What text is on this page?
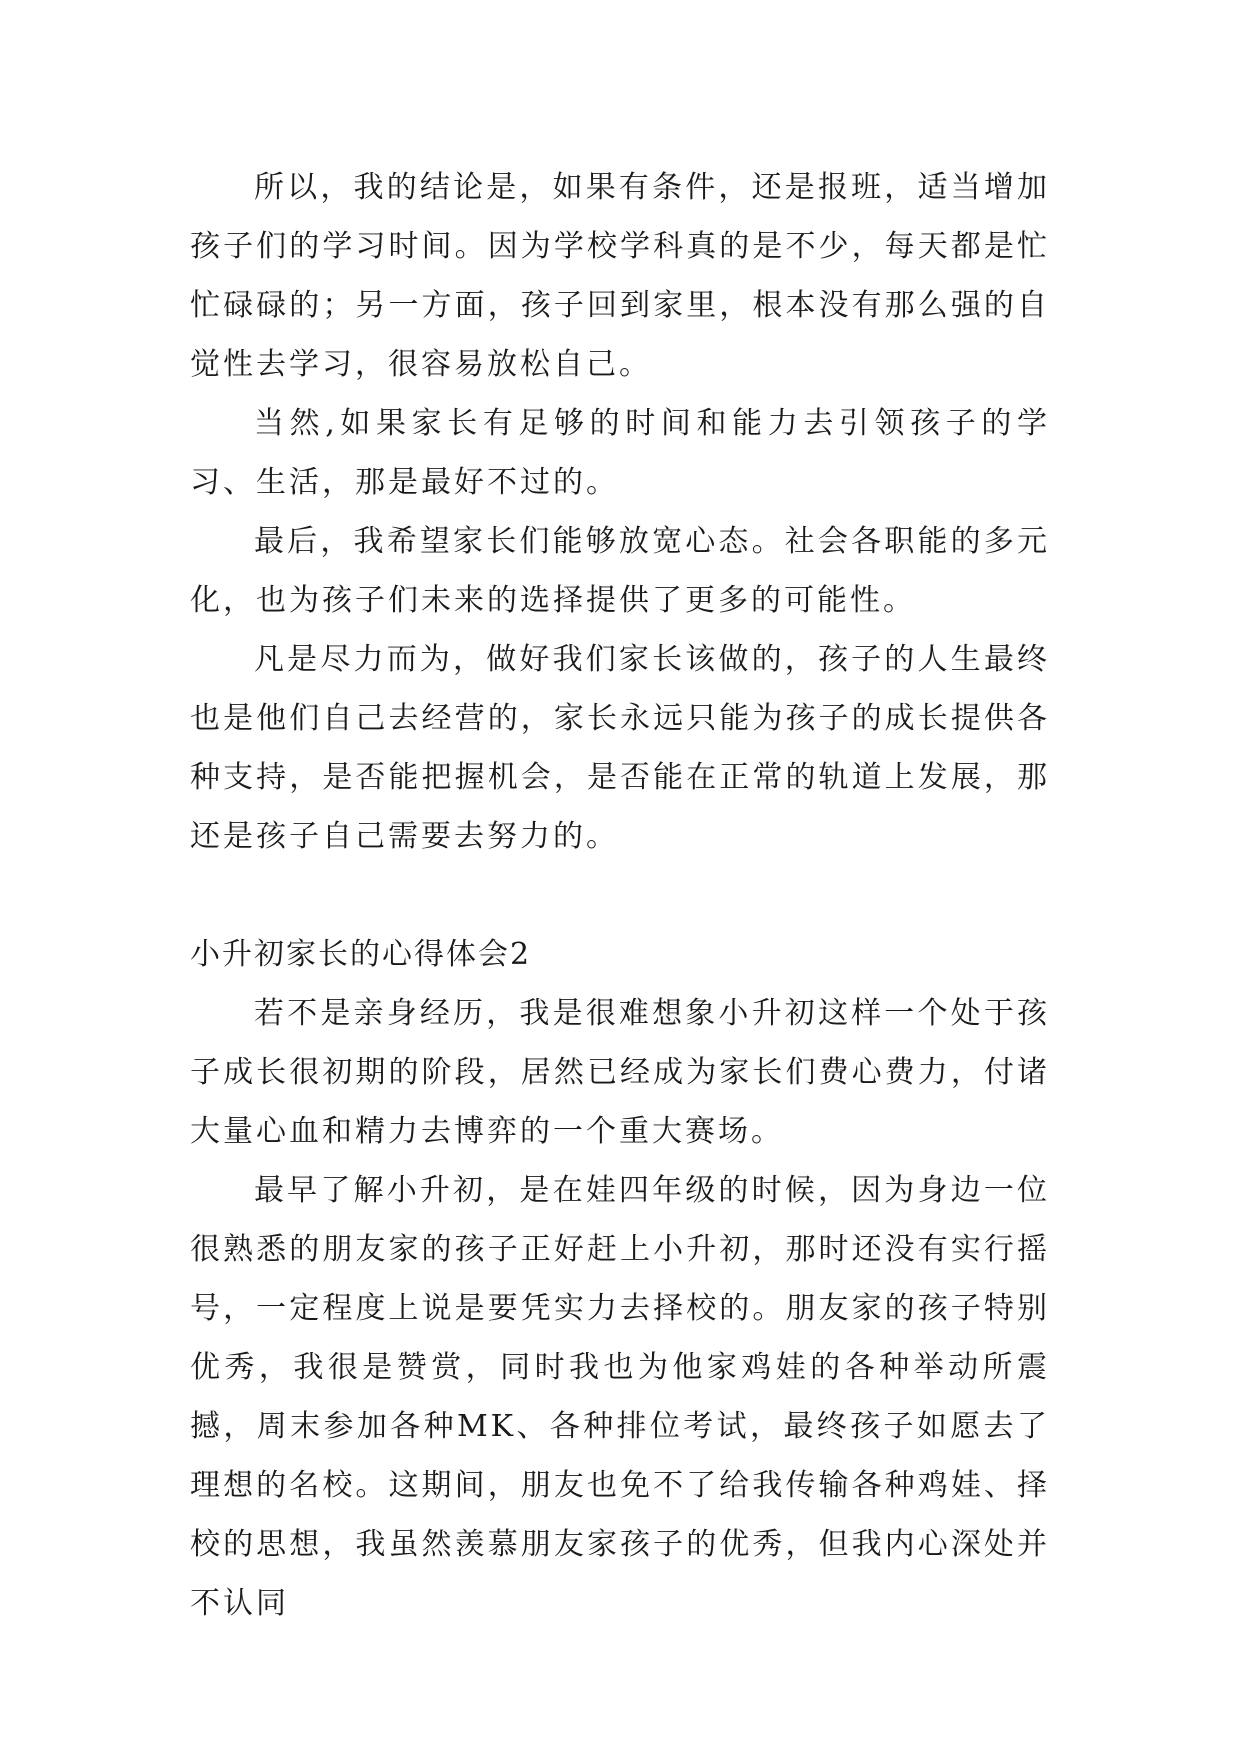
所以，我的结论是，如果有条件，还是报班，适当增加孩子们的学习时间。因为学校学科真的是不少，每天都是忙忙碌碌的；另一方面，孩子回到家里，根本没有那么强的自觉性去学习，很容易放松自己。

当然,如果家长有足够的时间和能力去引领孩子的学习、生活，那是最好不过的。

最后，我希望家长们能够放宽心态。社会各职能的多元化，也为孩子们未来的选择提供了更多的可能性。

凡是尽力而为，做好我们家长该做的，孩子的人生最终也是他们自己去经营的，家长永远只能为孩子的成长提供各种支持，是否能把握机会，是否能在正常的轨道上发展，那还是孩子自己需要去努力的。

小升初家长的心得体会2

若不是亲身经历，我是很难想象小升初这样一个处于孩子成长很初期的阶段，居然已经成为家长们费心费力，付诸大量心血和精力去博弈的一个重大赛场。

最早了解小升初，是在娃四年级的时候，因为身边一位很熟悉的朋友家的孩子正好赶上小升初，那时还没有实行摇号，一定程度上说是要凭实力去择校的。朋友家的孩子特别优秀，我很是赞赏，同时我也为他家鸡娃的各种举动所震撼，周末参加各种MK、各种排位考试，最终孩子如愿去了理想的名校。这期间，朋友也免不了给我传输各种鸡娃、择校的思想，我虽然羡慕朋友家孩子的优秀，但我内心深处并不认同
